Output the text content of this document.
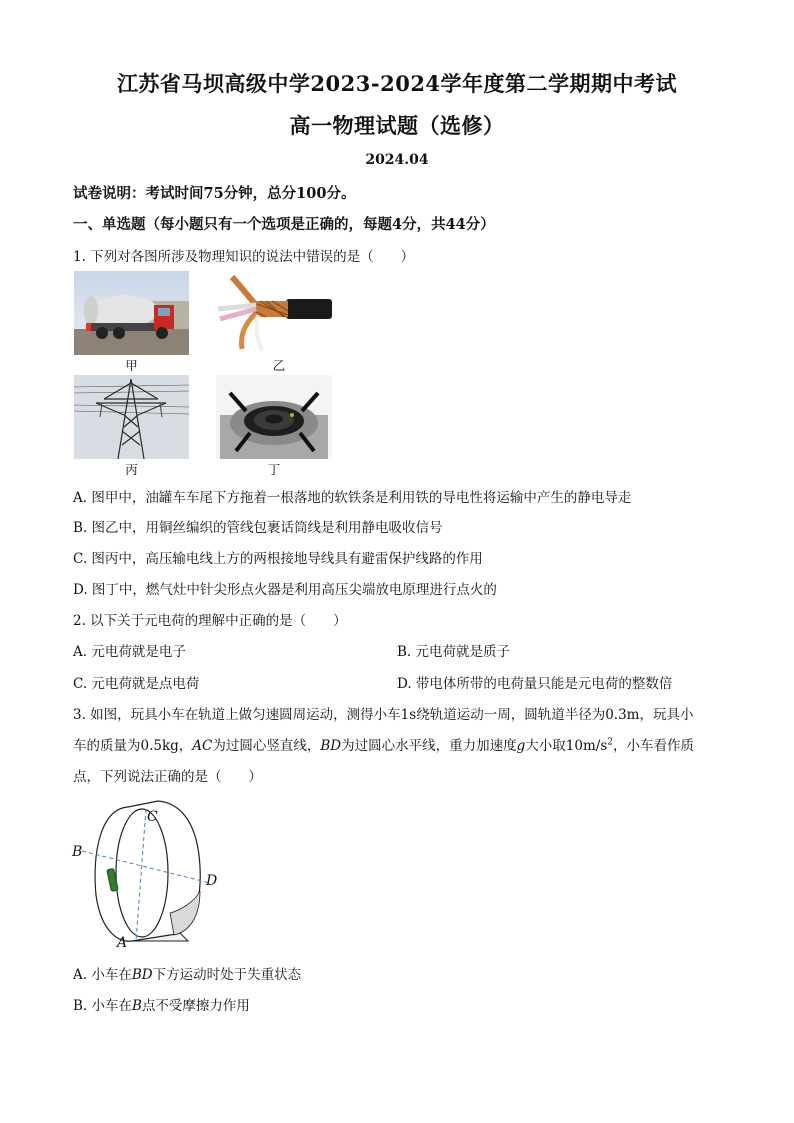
江苏省马坝高级中学2023-2024学年度第二学期期中考试
高一物理试题（选修）
2024.04
试卷说明：考试时间75分钟，总分100分。
一、单选题（每小题只有一个选项是正确的，每题4分，共44分）
1. 下列对各图所涉及物理知识的说法中错误的是（　　）
甲	乙
丙	丁
A. 图甲中，油罐车车尾下方拖着一根落地的软铁条是利用铁的导电性将运输中产生的静电导走
B. 图乙中，用铜丝编织的管线包裹话筒线是利用静电吸收信号
C. 图丙中，高压输电线上方的两根接地导线具有避雷保护线路的作用
D. 图丁中，燃气灶中针尖形点火器是利用高压尖端放电原理进行点火的
2. 以下关于元电荷的理解中正确的是（　　）
A. 元电荷就是电子	B. 元电荷就是质子
C. 元电荷就是点电荷	D. 带电体所带的电荷量只能是元电荷的整数倍
3. 如图，玩具小车在轨道上做匀速圆周运动，测得小车1s绕轨道运动一周，圆轨道半径为0.3m，玩具小
车的质量为0.5kg，AC为过圆心竖直线，BD为过圆心水平线，重力加速度g大小取$10m/s^2$，小车看作质
点，下列说法正确的是（　　）
C
B
D
A
A. 小车在BD下方运动时处于失重状态
B. 小车在B点不受摩擦力作用
